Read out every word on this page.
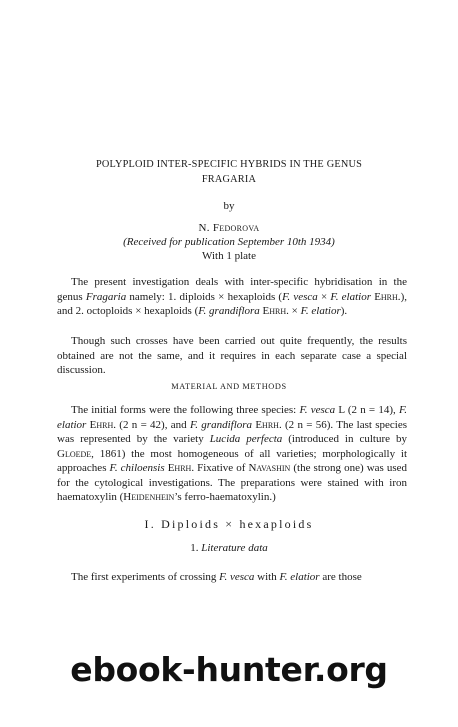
POLYPLOID INTER-SPECIFIC HYBRIDS IN THE GENUS
FRAGARIA
by
N. Fedorova
(Received for publication September 10th 1934)
With 1 plate

The present investigation deals with inter-specific hybridisation in the genus Fragaria namely: 1. diploids × hexaploids (F. vesca × F. elatior Ehrh.), and 2. octoploids × hexaploids (F. grandiflora Ehrh. × F. elatior).

Though such crosses have been carried out quite frequently, the results obtained are not the same, and it requires in each separate case a special discussion.

MATERIAL AND METHODS

The initial forms were the following three species: F. vesca L (2 n = 14), F. elatior Ehrh. (2 n = 42), and F. grandiflora Ehrh. (2 n = 56). The last species was represented by the variety Lucida perfecta (introduced in culture by Gloede, 1861) the most homogeneous of all varieties; morphologically it approaches F. chiloensis Ehrh. Fixative of Navashin (the strong one) was used for the cytological investigations. The preparations were stained with iron haematoxylin (Heidenhein’s ferro-haematoxylin.)

I. Diploids × hexaploids
1. Literature data

The first experiments of crossing F. vesca with F. elatior are those

ebook-hunter.org
